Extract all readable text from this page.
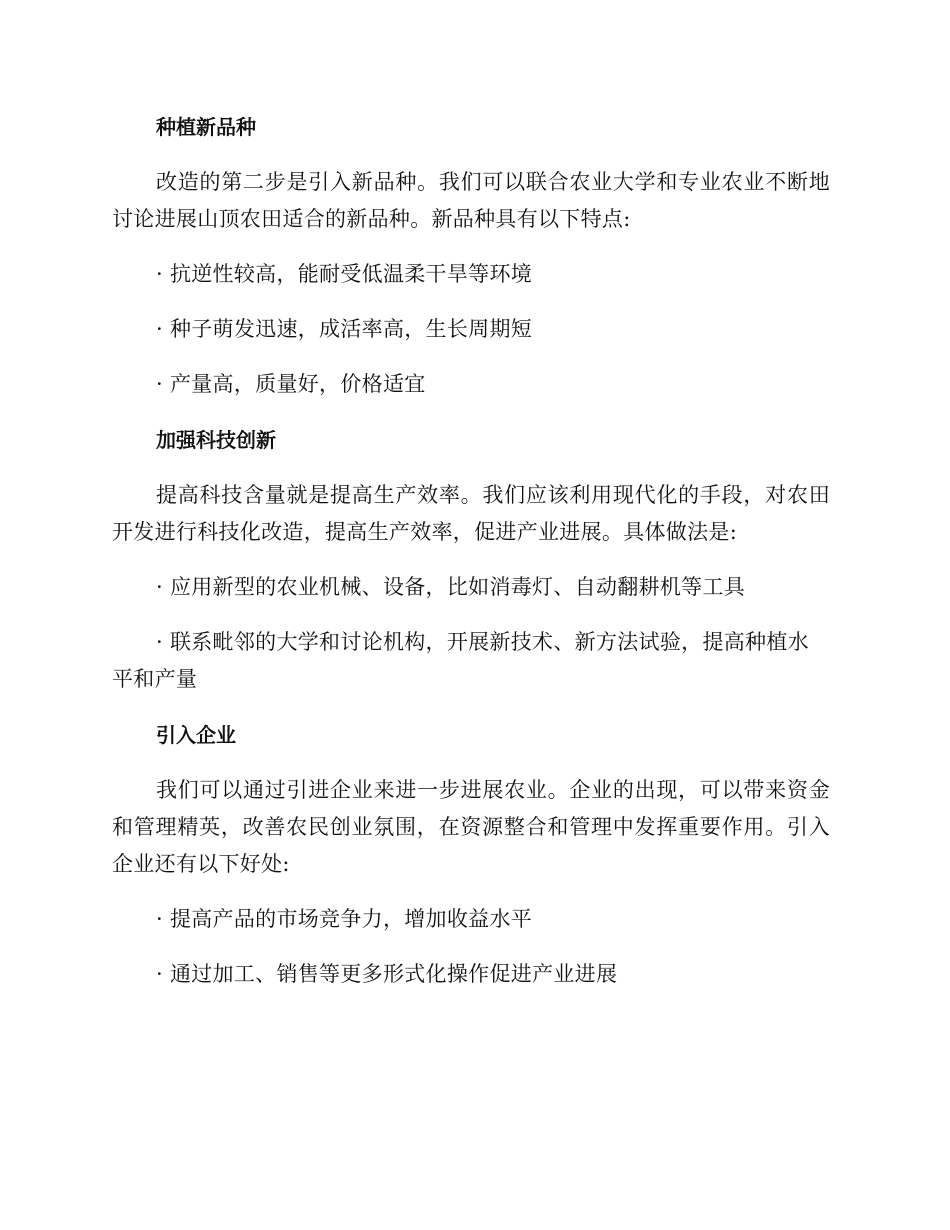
种植新品种

改造的第二步是引入新品种。我们可以联合农业大学和专业农业不断地讨论进展山顶农田适合的新品种。新品种具有以下特点:

· 抗逆性较高，能耐受低温柔干旱等环境

· 种子萌发迅速，成活率高，生长周期短

· 产量高，质量好，价格适宜

加强科技创新

提高科技含量就是提高生产效率。我们应该利用现代化的手段，对农田开发进行科技化改造，提高生产效率，促进产业进展。具体做法是:

· 应用新型的农业机械、设备，比如消毒灯、自动翻耕机等工具

· 联系毗邻的大学和讨论机构，开展新技术、新方法试验，提高种植水平和产量

引入企业

我们可以通过引进企业来进一步进展农业。企业的出现，可以带来资金和管理精英，改善农民创业氛围，在资源整合和管理中发挥重要作用。引入企业还有以下好处:

· 提高产品的市场竞争力，增加收益水平

· 通过加工、销售等更多形式化操作促进产业进展
